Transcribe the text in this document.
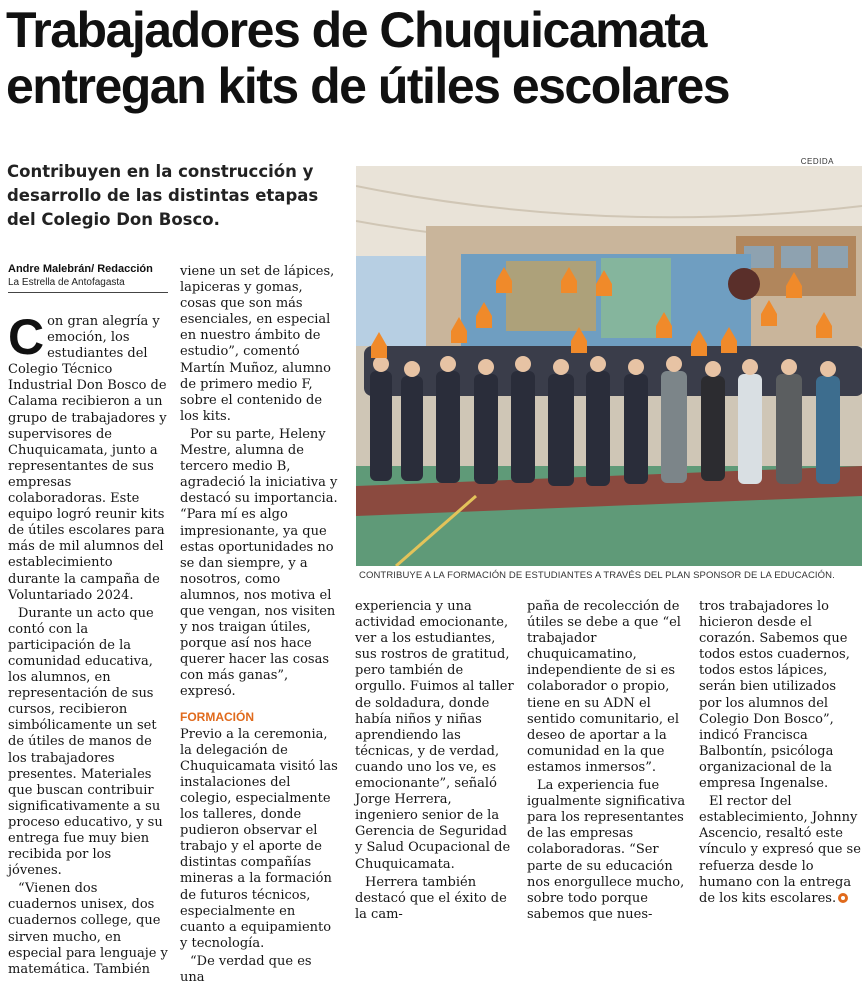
Trabajadores de Chuquicamata entregan kits de útiles escolares

Contribuyen en la construcción y desarrollo de las distintas etapas del Colegio Don Bosco.

CEDIDA
CONTRIBUYE A LA FORMACIÓN DE ESTUDIANTES A TRAVÉS DEL PLAN SPONSOR DE LA EDUCACIÓN.
Andre Malebrán/ Redacción
La Estrella de Antofagasta

Con gran alegría y emoción, los estudiantes del Colegio Técnico Industrial Don Bosco de Calama recibieron a un grupo de trabajadores y supervisores de Chuquicamata, junto a representantes de sus empresas colaboradoras. Este equipo logró reunir kits de útiles escolares para más de mil alumnos del establecimiento durante la campaña de Voluntariado 2024.

Durante un acto que contó con la participación de la comunidad educativa, los alumnos, en representación de sus cursos, recibieron simbólicamente un set de útiles de manos de los trabajadores presentes. Materiales que buscan contribuir significativamente a su proceso educativo, y su entrega fue muy bien recibida por los jóvenes.

“Vienen dos cuadernos unisex, dos cuadernos college, que sirven mucho, en especial para lenguaje y matemática. También

viene un set de lápices, lapiceras y gomas, cosas que son más esenciales, en especial en nuestro ámbito de estudio”, comentó Martín Muñoz, alumno de primero medio F, sobre el contenido de los kits.

Por su parte, Heleny Mestre, alumna de tercero medio B, agradeció la iniciativa y destacó su importancia. “Para mí es algo impresionante, ya que estas oportunidades no se dan siempre, y a nosotros, como alumnos, nos motiva el que vengan, nos visiten y nos traigan útiles, porque así nos hace querer hacer las cosas con más ganas”, expresó.

FORMACIÓN

Previo a la ceremonia, la delegación de Chuquicamata visitó las instalaciones del colegio, especialmente los talleres, donde pudieron observar el trabajo y el aporte de distintas compañías mineras a la formación de futuros técnicos, especialmente en cuanto a equipamiento y tecnología.

“De verdad que es una

experiencia y una actividad emocionante, ver a los estudiantes, sus rostros de gratitud, pero también de orgullo. Fuimos al taller de soldadura, donde había niños y niñas aprendiendo las técnicas, y de verdad, cuando uno los ve, es emocionante”, señaló Jorge Herrera, ingeniero senior de la Gerencia de Seguridad y Salud Ocupacional de Chuquicamata.

Herrera también destacó que el éxito de la cam-

paña de recolección de útiles se debe a que “el trabajador chuquicamatino, independiente de si es colaborador o propio, tiene en su ADN el sentido comunitario, el deseo de aportar a la comunidad en la que estamos inmersos”.

La experiencia fue igualmente significativa para los representantes de las empresas colaboradoras. “Ser parte de su educación nos enorgullece mucho, sobre todo porque sabemos que nues-

tros trabajadores lo hicieron desde el corazón. Sabemos que todos estos cuadernos, todos estos lápices, serán bien utilizados por los alumnos del Colegio Don Bosco”, indicó Francisca Balbontín, psicóloga organizacional de la empresa Ingenalse.

El rector del establecimiento, Johnny Ascencio, resaltó este vínculo y expresó que se refuerza desde lo humano con la entrega de los kits escolares.
